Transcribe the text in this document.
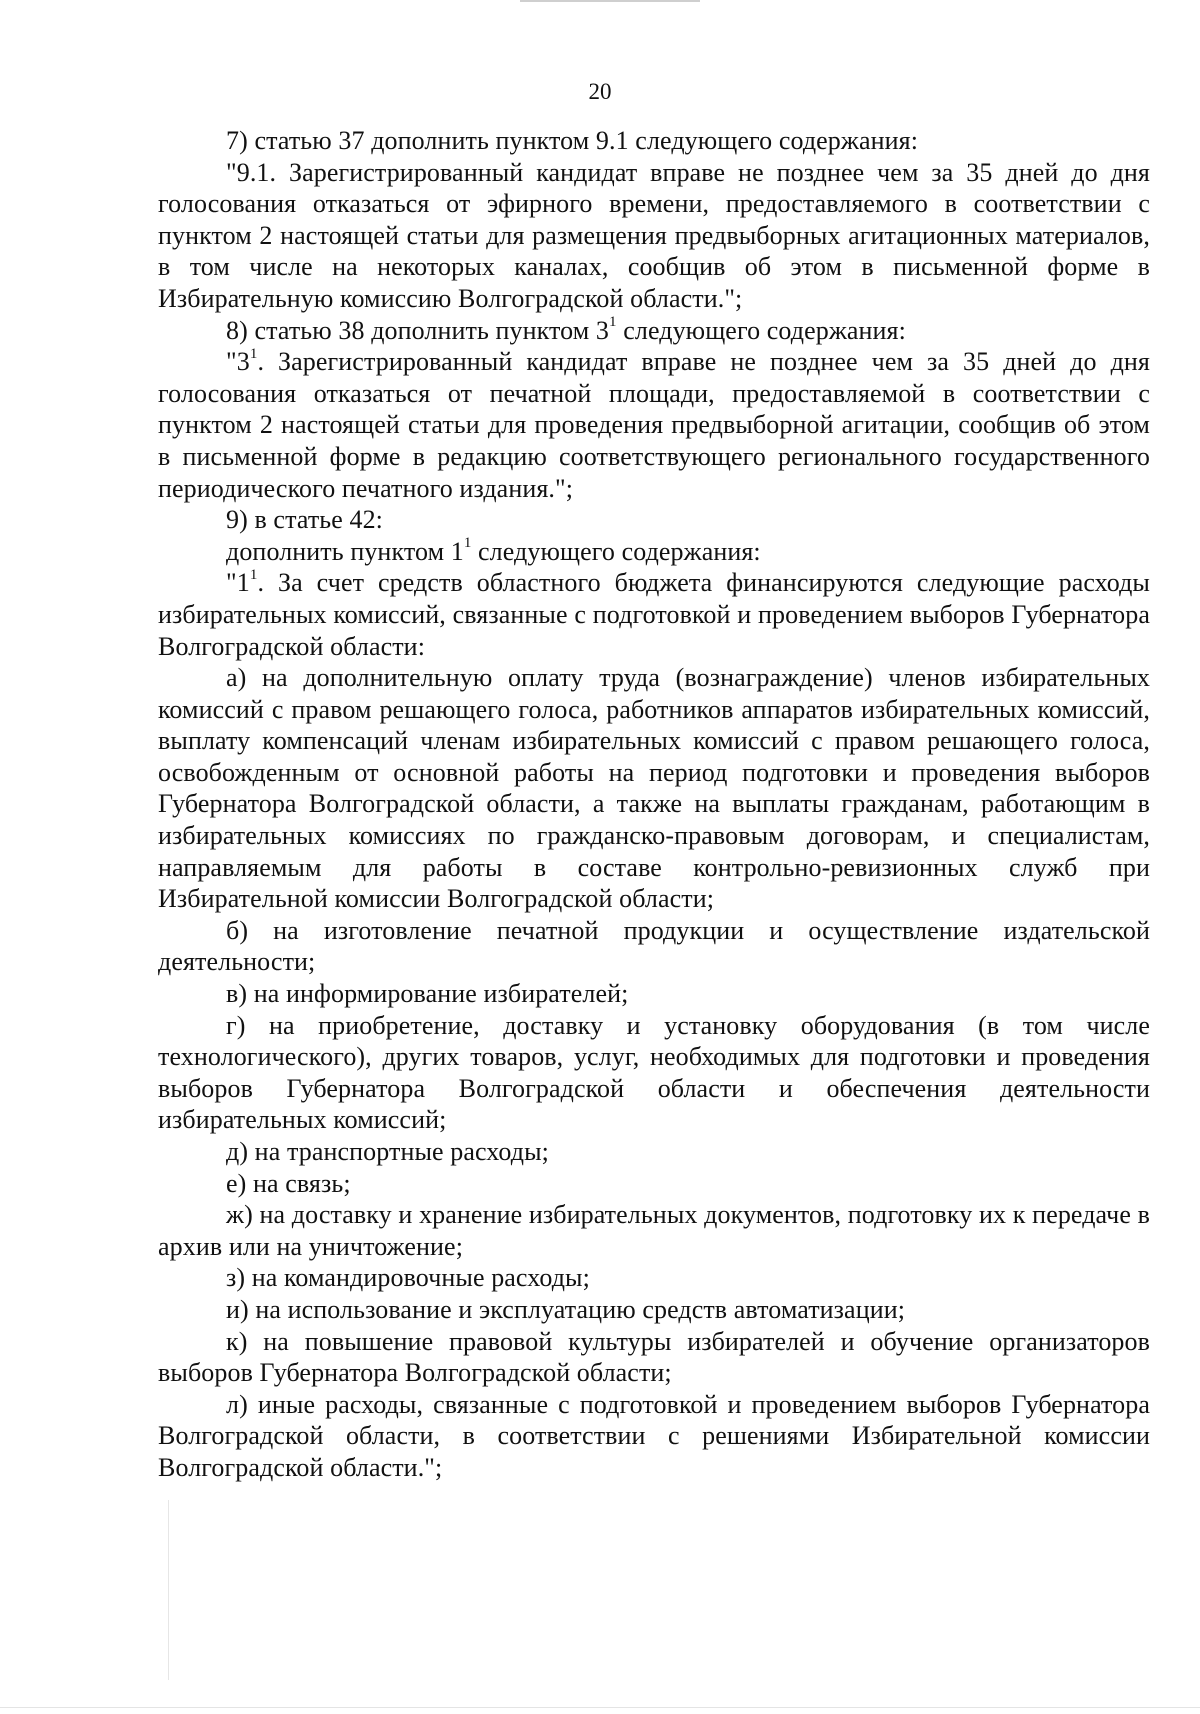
20

7) статью 37 дополнить пунктом 9.1 следующего содержания:

"9.1. Зарегистрированный кандидат вправе не позднее чем за 35 дней до дня голосования отказаться от эфирного времени, предоставляемого в соответствии с пунктом 2 настоящей статьи для размещения предвыборных агитационных материалов, в том числе на некоторых каналах, сообщив об этом в письменной форме в Избирательную комиссию Волгоградской области.";

8) статью 38 дополнить пунктом $3^1$ следующего содержания:

"$3^1$. Зарегистрированный кандидат вправе не позднее чем за 35 дней до дня голосования отказаться от печатной площади, предоставляемой в соответствии с пунктом 2 настоящей статьи для проведения предвыборной агитации, сообщив об этом в письменной форме в редакцию соответствующего регионального государственного периодического печатного издания.";

9) в статье 42:

дополнить пунктом $1^1$ следующего содержания:

"$1^1$. За счет средств областного бюджета финансируются следующие расходы избирательных комиссий, связанные с подготовкой и проведением выборов Губернатора Волгоградской области:

а) на дополнительную оплату труда (вознаграждение) членов избирательных комиссий с правом решающего голоса, работников аппаратов избирательных комиссий, выплату компенсаций членам избирательных комиссий с правом решающего голоса, освобожденным от основной работы на период подготовки и проведения выборов Губернатора Волгоградской области, а также на выплаты гражданам, работающим в избирательных комиссиях по гражданско-правовым договорам, и специалистам, направляемым для работы в составе контрольно-ревизионных служб при Избирательной комиссии Волгоградской области;

б) на изготовление печатной продукции и осуществление издательской деятельности;

в) на информирование избирателей;

г) на приобретение, доставку и установку оборудования (в том числе технологического), других товаров, услуг, необходимых для подготовки и проведения выборов Губернатора Волгоградской области и обеспечения деятельности избирательных комиссий;

д) на транспортные расходы;

е) на связь;

ж) на доставку и хранение избирательных документов, подготовку их к передаче в архив или на уничтожение;

з) на командировочные расходы;

и) на использование и эксплуатацию средств автоматизации;

к) на повышение правовой культуры избирателей и обучение организаторов выборов Губернатора Волгоградской области;

л) иные расходы, связанные с подготовкой и проведением выборов Губернатора Волгоградской области, в соответствии с решениями Избирательной комиссии Волгоградской области.";
